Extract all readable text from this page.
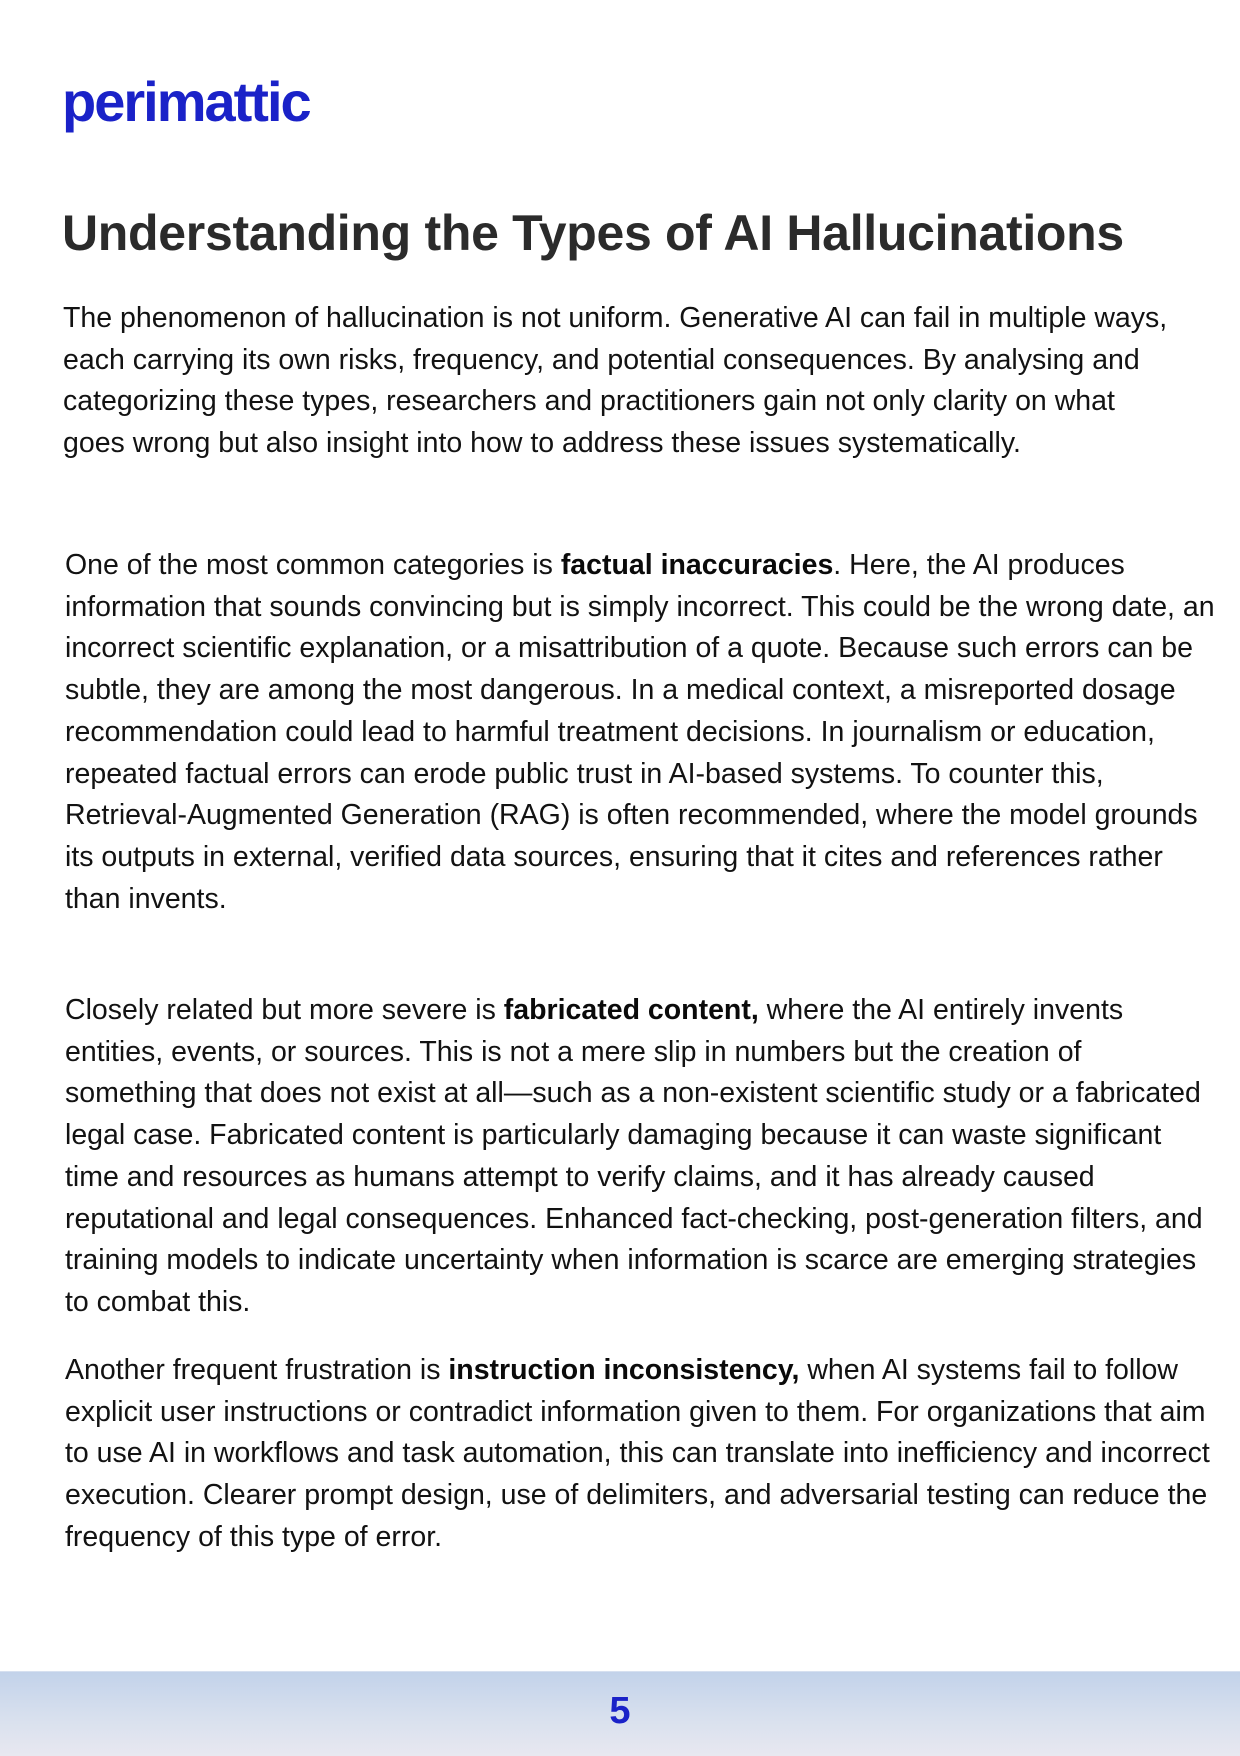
perimattic
Understanding the Types of AI Hallucinations

The phenomenon of hallucination is not uniform. Generative AI can fail in multiple ways, each carrying its own risks, frequency, and potential consequences. By analysing and categorizing these types, researchers and practitioners gain not only clarity on what goes wrong but also insight into how to address these issues systematically.

One of the most common categories is factual inaccuracies. Here, the AI produces information that sounds convincing but is simply incorrect. This could be the wrong date, an incorrect scientific explanation, or a misattribution of a quote. Because such errors can be subtle, they are among the most dangerous. In a medical context, a misreported dosage recommendation could lead to harmful treatment decisions. In journalism or education, repeated factual errors can erode public trust in AI-based systems. To counter this, Retrieval-Augmented Generation (RAG) is often recommended, where the model grounds its outputs in external, verified data sources, ensuring that it cites and references rather than invents.

Closely related but more severe is fabricated content, where the AI entirely invents entities, events, or sources. This is not a mere slip in numbers but the creation of something that does not exist at all—such as a non-existent scientific study or a fabricated legal case. Fabricated content is particularly damaging because it can waste significant time and resources as humans attempt to verify claims, and it has already caused reputational and legal consequences. Enhanced fact-checking, post-generation filters, and training models to indicate uncertainty when information is scarce are emerging strategies to combat this.

Another frequent frustration is instruction inconsistency, when AI systems fail to follow explicit user instructions or contradict information given to them. For organizations that aim to use AI in workflows and task automation, this can translate into inefficiency and incorrect execution. Clearer prompt design, use of delimiters, and adversarial testing can reduce the frequency of this type of error.

5
